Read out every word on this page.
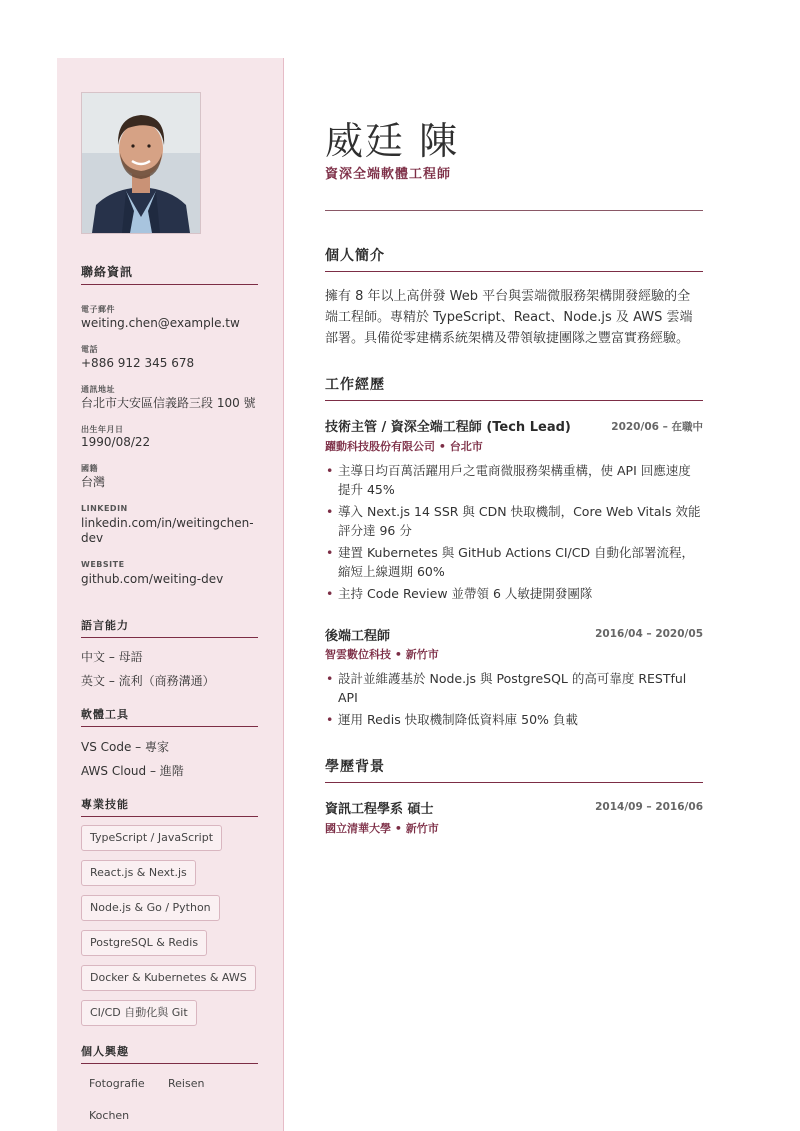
聯絡資訊
電子郵件
weiting.chen@example.tw
電話
+886 912 345 678
通訊地址
台北市大安區信義路三段 100 號
出生年月日
1990/08/22
國籍
台灣
LINKEDIN
linkedin.com/in/weitingchen-dev
WEBSITE
github.com/weiting-dev
語言能力
中文 – 母語
英文 – 流利（商務溝通）
軟體工具
VS Code – 專家
AWS Cloud – 進階
專業技能
TypeScript / JavaScript
React.js & Next.js
Node.js & Go / Python
PostgreSQL & Redis
Docker & Kubernetes & AWS
CI/CD 自動化與 Git
個人興趣
Fotografie Reisen
Kochen
威廷 陳
資深全端軟體工程師
個人簡介
擁有 8 年以上高併發 Web 平台與雲端微服務架構開發經驗的全端工程師。專精於 TypeScript、React、Node.js 及 AWS 雲端部署。具備從零建構系統架構及帶領敏捷團隊之豐富實務經驗。
工作經歷
技術主管 / 資深全端工程師 (Tech Lead)	2020/06 – 在職中
躍動科技股份有限公司 • 台北市
• 主導日均百萬活躍用戶之電商微服務架構重構，使 API 回應速度提升 45%
• 導入 Next.js 14 SSR 與 CDN 快取機制，Core Web Vitals 效能評分達 96 分
• 建置 Kubernetes 與 GitHub Actions CI/CD 自動化部署流程，縮短上線週期 60%
• 主持 Code Review 並帶領 6 人敏捷開發團隊
後端工程師	2016/04 – 2020/05
智雲數位科技 • 新竹市
• 設計並維護基於 Node.js 與 PostgreSQL 的高可靠度 RESTful API
• 運用 Redis 快取機制降低資料庫 50% 負載
學歷背景
資訊工程學系 碩士	2014/09 – 2016/06
國立清華大學 • 新竹市
